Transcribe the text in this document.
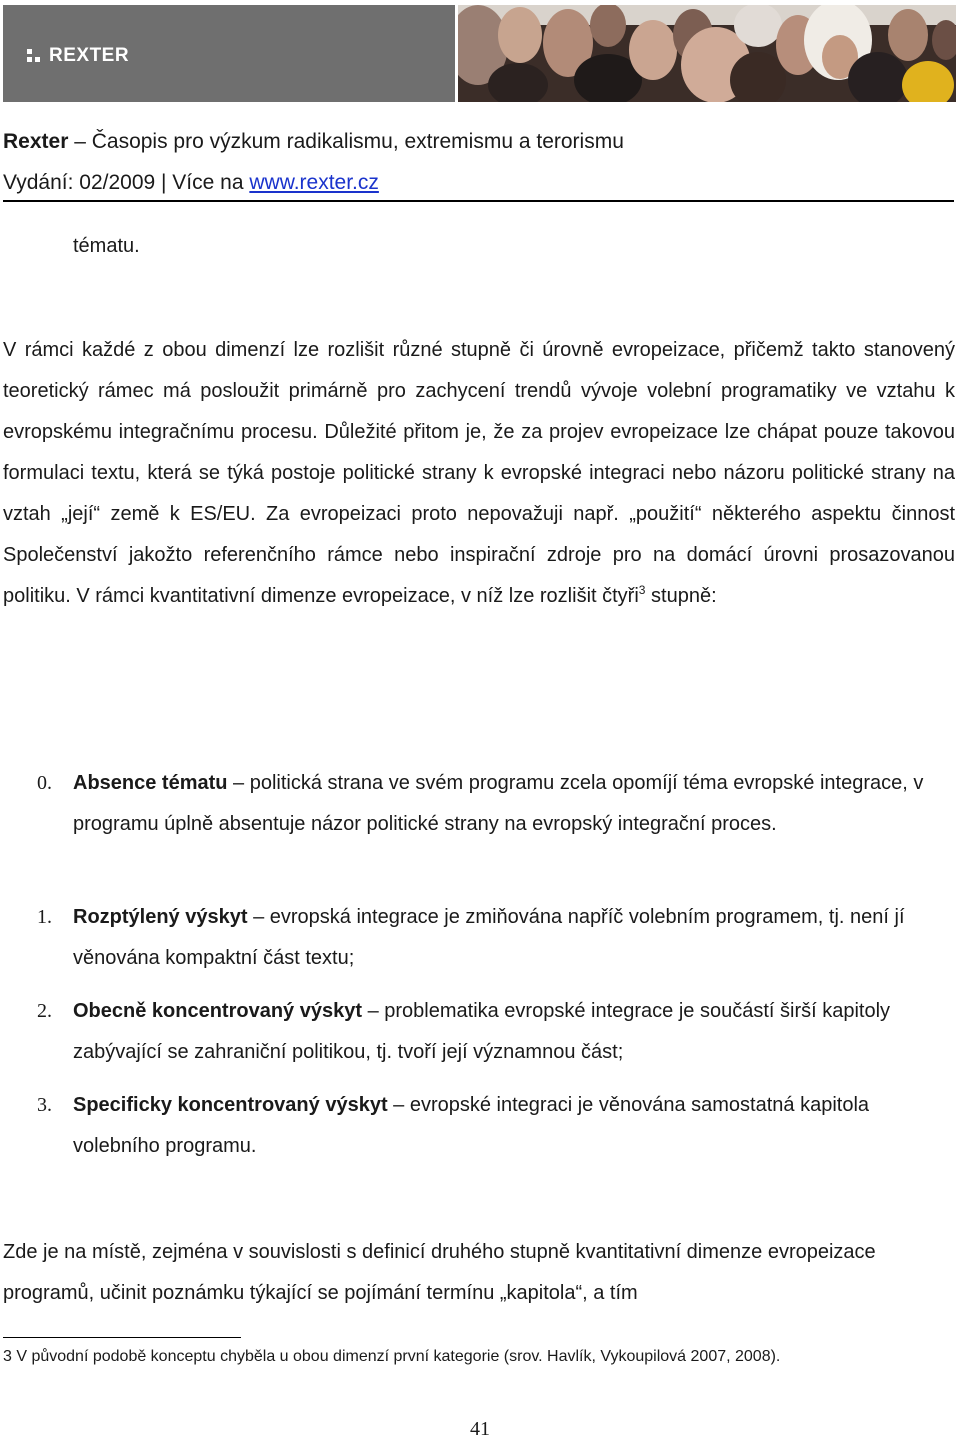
REXTER
Rexter – Časopis pro výzkum radikalismu, extremismu a terorismu
Vydání: 02/2009 | Více na www.rexter.cz

tématu.

V rámci každé z obou dimenzí lze rozlišit různé stupně či úrovně evropeizace, přičemž takto stanovený teoretický rámec má posloužit primárně pro zachycení trendů vývoje volební programatiky ve vztahu k evropskému integračnímu procesu. Důležité přitom je, že za projev evropeizace lze chápat pouze takovou formulaci textu, která se týká postoje politické strany k evropské integraci nebo názoru politické strany na vztah „její“ země k ES/EU. Za evropeizaci proto nepovažuji např. „použití“ některého aspektu činnost Společenství jakožto referenčního rámce nebo inspirační zdroje pro na domácí úrovni prosazovanou politiku. V rámci kvantitativní dimenze evropeizace, v níž lze rozlišit čtyři$^3$ stupně:

0. Absence tématu – politická strana ve svém programu zcela opomíjí téma evropské integrace, v programu úplně absentuje názor politické strany na evropský integrační proces.
1. Rozptýlený výskyt – evropská integrace je zmiňována napříč volebním programem, tj. není jí věnována kompaktní část textu;
2. Obecně koncentrovaný výskyt – problematika evropské integrace je součástí širší kapitoly zabývající se zahraniční politikou, tj. tvoří její významnou část;
3. Specificky koncentrovaný výskyt – evropské integraci je věnována samostatná kapitola volebního programu.

Zde je na místě, zejména v souvislosti s definicí druhého stupně kvantitativní dimenze evropeizace programů, učinit poznámku týkající se pojímání termínu „kapitola“, a tím

3 V původní podobě konceptu chyběla u obou dimenzí první kategorie (srov. Havlík, Vykoupilová 2007, 2008).
41
